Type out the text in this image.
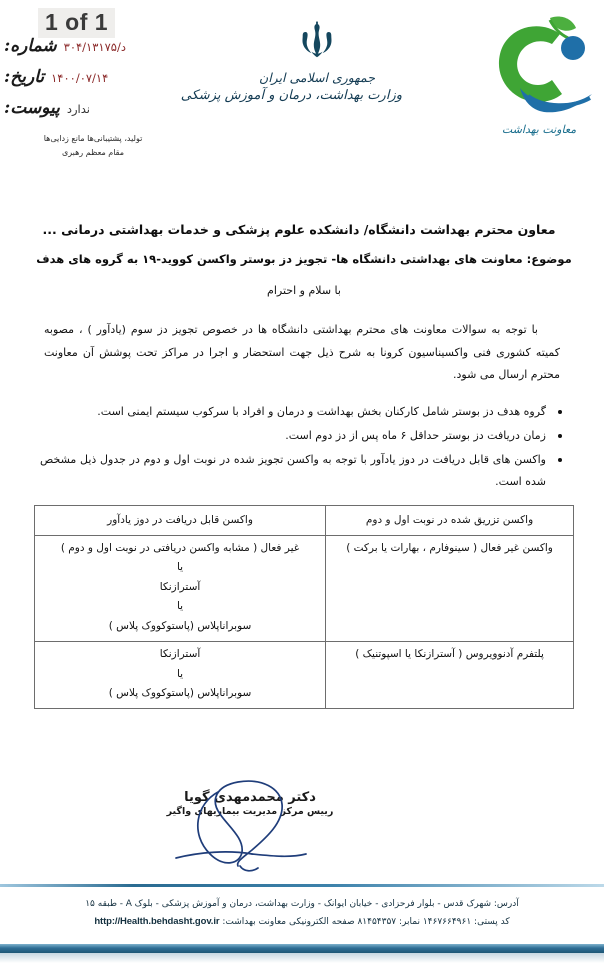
1 of 1
شماره: د/۳۰۴/۱۳۱۷۵
تاریخ: ۱۴۰۰/۰۷/۱۴
پیوست: ندارد
تولید، پشتیبانی‌ها مانع زدایی‌ها
مقام معظم رهبری
جمهوری اسلامی ایران
وزارت بهداشت، درمان و آموزش پزشکی
معاونت بهداشت
معاون محترم بهداشت دانشگاه/ دانشکده علوم پزشکی و خدمات بهداشتی درمانی ...
موضوع: معاونت های بهداشتی دانشگاه ها- تجویز دز بوستر واکسن کووید-۱۹ به گروه های هدف
با سلام و احترام
با توجه به سوالات معاونت های محترم بهداشتی دانشگاه ها در خصوص تجویز دز سوم (یادآور ) ، مصوبه کمیته کشوری فنی واکسیناسیون کرونا به شرح ذیل جهت استحضار و اجرا در مراکز تحت پوشش آن معاونت محترم ارسال می شود.
گروه هدف دز بوستر شامل کارکنان بخش بهداشت و درمان و افراد با سرکوب سیستم ایمنی است.
زمان دریافت دز بوستر حداقل ۶ ماه پس از دز دوم است.
واکسن های قابل دریافت در دوز یادآور با توجه به واکسن تجویز شده در نوبت اول و دوم در جدول ذیل مشخص شده است.
واکسن تزریق شده در نوبت اول و دوم	واکسن قابل دریافت در دوز یادآور

واکسن غیر فعال ( سینوفارم ، بهارات یا برکت )	غیر فعال ( مشابه واکسن دریافتی در نوبت اول و دوم )
یا
آسترازنکا
یا
سوبراناپلاس (پاستوکووک پلاس )

پلتفرم آدنوویروس ( آسترازنکا یا اسپوتنیک )	آسترازنکا
یا
سوبراناپلاس (پاستوکووک پلاس )
دکتر محمدمهدی گویا
رییس مرکز مدیریت بیماریهای واگیر
آدرس: شهرک قدس - بلوار فرحزادی - خیابان ایوانک - وزارت بهداشت، درمان و آموزش پزشکی - بلوک A - طبقه ۱۵
کد پستی: ۱۴۶۷۶۶۴۹۶۱ نمابر: ۸۱۴۵۴۳۵۷ صفحه الکترونیکی معاونت بهداشت: http://Health.behdasht.gov.ir
